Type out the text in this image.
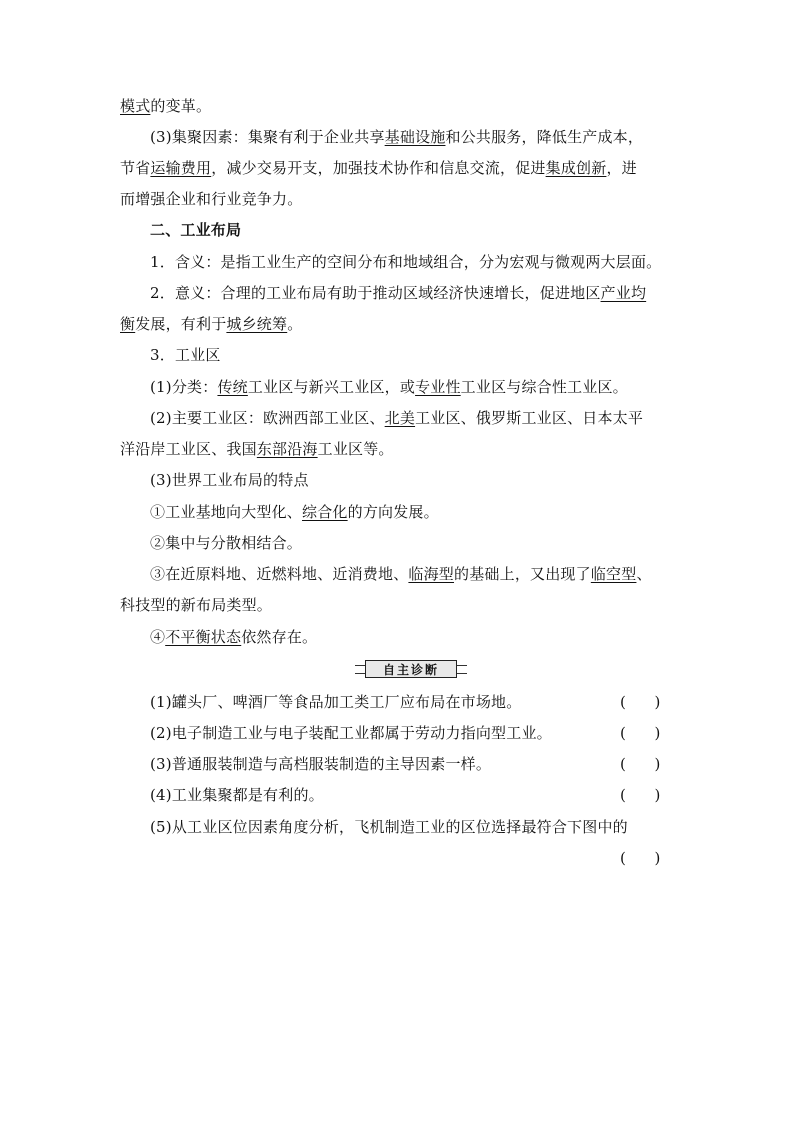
模式的变革。
(3)集聚因素：集聚有利于企业共享基础设施和公共服务，降低生产成本，
节省运输费用，减少交易开支，加强技术协作和信息交流，促进集成创新，进
而增强企业和行业竞争力。
二、工业布局
1．含义：是指工业生产的空间分布和地域组合，分为宏观与微观两大层面。
2．意义：合理的工业布局有助于推动区域经济快速增长，促进地区产业均
衡发展，有利于城乡统筹。
3．工业区
(1)分类：传统工业区与新兴工业区，或专业性工业区与综合性工业区。
(2)主要工业区：欧洲西部工业区、北美工业区、俄罗斯工业区、日本太平
洋沿岸工业区、我国东部沿海工业区等。
(3)世界工业布局的特点
①工业基地向大型化、综合化的方向发展。
②集中与分散相结合。
③在近原料地、近燃料地、近消费地、临海型的基础上，又出现了临空型、
科技型的新布局类型。
④不平衡状态依然存在。
自主诊断
(1)罐头厂、啤酒厂等食品加工类工厂应布局在市场地。	(      )
(2)电子制造工业与电子装配工业都属于劳动力指向型工业。	(      )
(3)普通服装制造与高档服装制造的主导因素一样。	(      )
(4)工业集聚都是有利的。	(      )
(5)从工业区位因素角度分析，飞机制造工业的区位选择最符合下图中的
(      )
